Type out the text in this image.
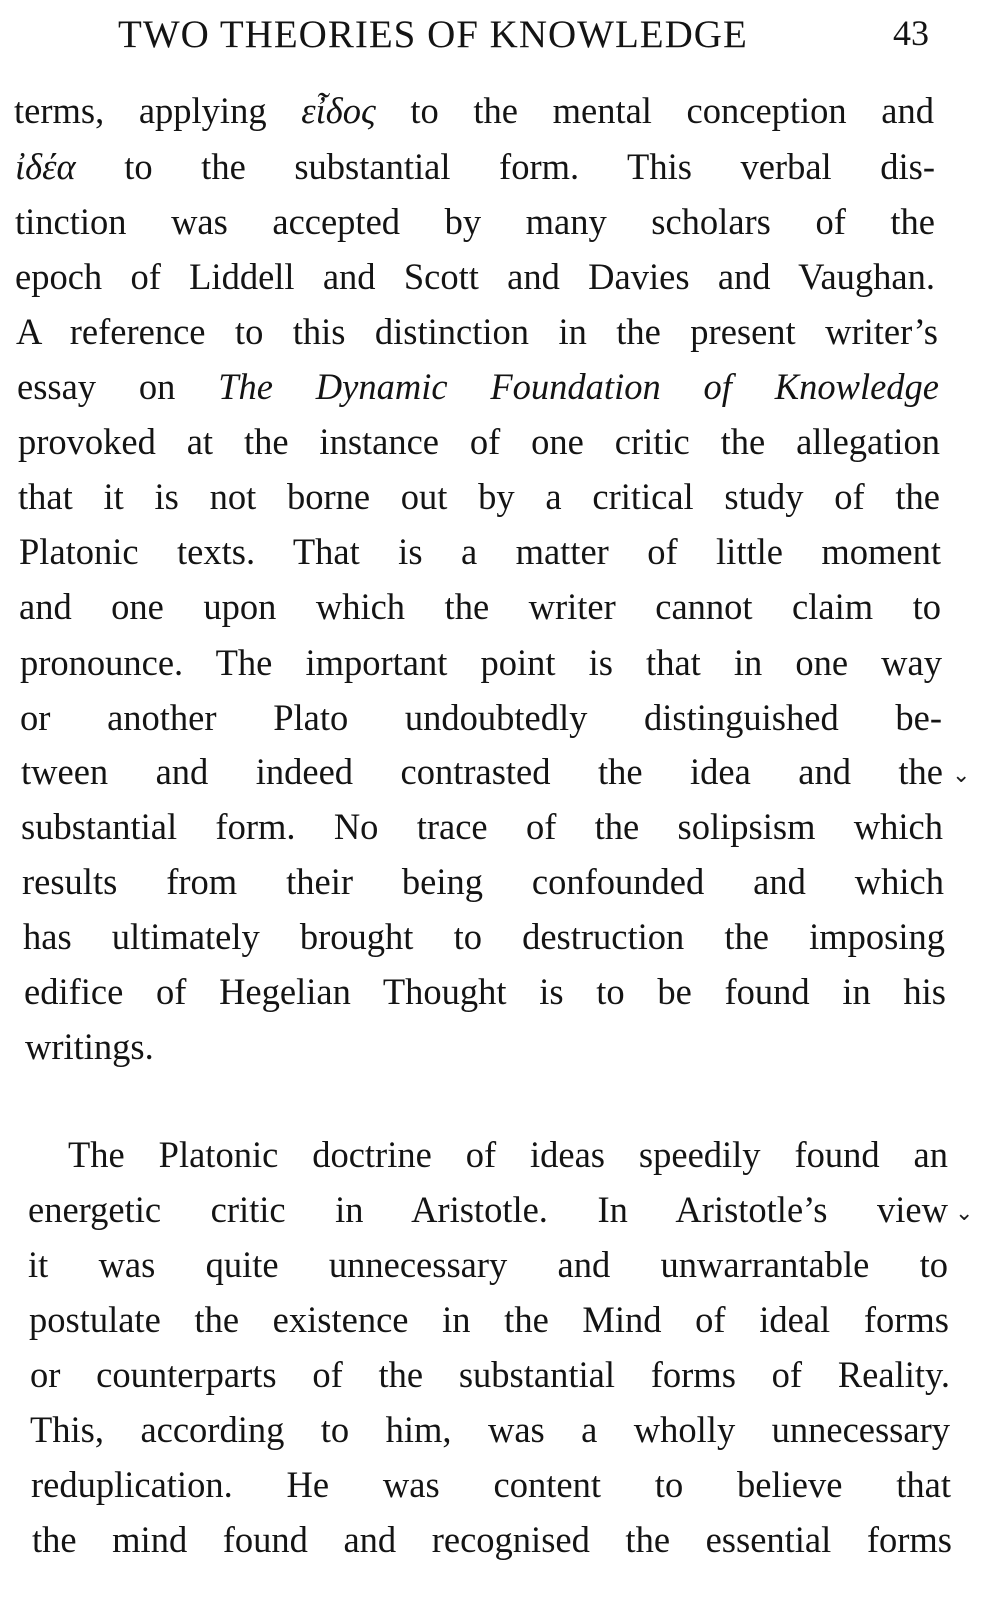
TWO THEORIES OF KNOWLEDGE	43
terms, applying εἶδος to the mental conception and
ἰδέα to the substantial form. This verbal dis-
tinction was accepted by many scholars of the
epoch of Liddell and Scott and Davies and Vaughan.
A reference to this distinction in the present writer’s
essay on The Dynamic Foundation of Knowledge
provoked at the instance of one critic the allegation
that it is not borne out by a critical study of the
Platonic texts. That is a matter of little moment
and one upon which the writer cannot claim to
pronounce. The important point is that in one way
or another Plato undoubtedly distinguished be-
tween and indeed contrasted the idea and the
substantial form. No trace of the solipsism which
results from their being confounded and which
has ultimately brought to destruction the imposing
edifice of Hegelian Thought is to be found in his
writings.
The Platonic doctrine of ideas speedily found an
energetic critic in Aristotle. In Aristotle’s view
it was quite unnecessary and unwarrantable to
postulate the existence in the Mind of ideal forms
or counterparts of the substantial forms of Reality.
This, according to him, was a wholly unnecessary
reduplication. He was content to believe that
the mind found and recognised the essential forms
⌄
⌄
